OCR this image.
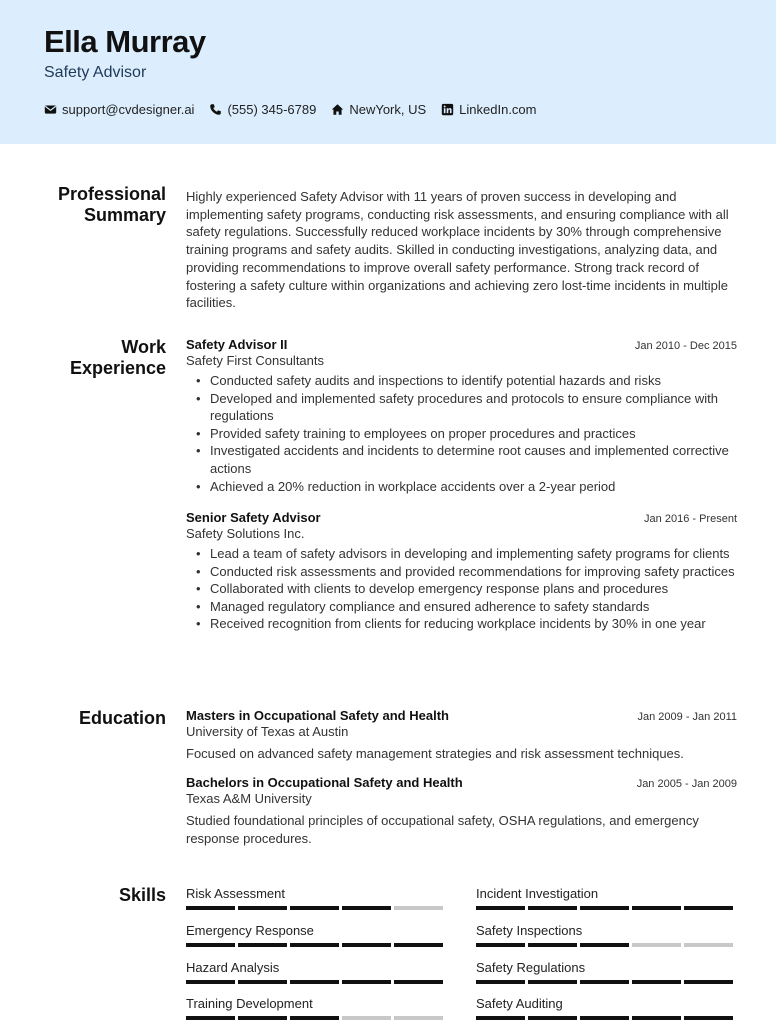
Ella Murray
Safety Advisor
support@cvdesigner.ai	(555) 345-6789	NewYork, US	LinkedIn.com
Professional
Summary
Highly experienced Safety Advisor with 11 years of proven success in developing and implementing safety programs, conducting risk assessments, and ensuring compliance with all safety regulations. Successfully reduced workplace incidents by 30% through comprehensive training programs and safety audits. Skilled in conducting investigations, analyzing data, and providing recommendations to improve overall safety performance. Strong track record of fostering a safety culture within organizations and achieving zero lost-time incidents in multiple facilities.
Work
Experience
Safety Advisor II	Jan 2010 - Dec 2015
Safety First Consultants
• Conducted safety audits and inspections to identify potential hazards and risks
• Developed and implemented safety procedures and protocols to ensure compliance with regulations
• Provided safety training to employees on proper procedures and practices
• Investigated accidents and incidents to determine root causes and implemented corrective actions
• Achieved a 20% reduction in workplace accidents over a 2-year period
Senior Safety Advisor	Jan 2016 - Present
Safety Solutions Inc.
• Lead a team of safety advisors in developing and implementing safety programs for clients
• Conducted risk assessments and provided recommendations for improving safety practices
• Collaborated with clients to develop emergency response plans and procedures
• Managed regulatory compliance and ensured adherence to safety standards
• Received recognition from clients for reducing workplace incidents by 30% in one year
Education Masters in Occupational Safety and Health	Jan 2009 - Jan 2011
University of Texas at Austin
Focused on advanced safety management strategies and risk assessment techniques.
Bachelors in Occupational Safety and Health	Jan 2005 - Jan 2009
Texas A&M University
Studied foundational principles of occupational safety, OSHA regulations, and emergency response procedures.
Skills Risk Assessment	Incident Investigation
Emergency Response	Safety Inspections
Hazard Analysis	Safety Regulations
Training Development	Safety Auditing
